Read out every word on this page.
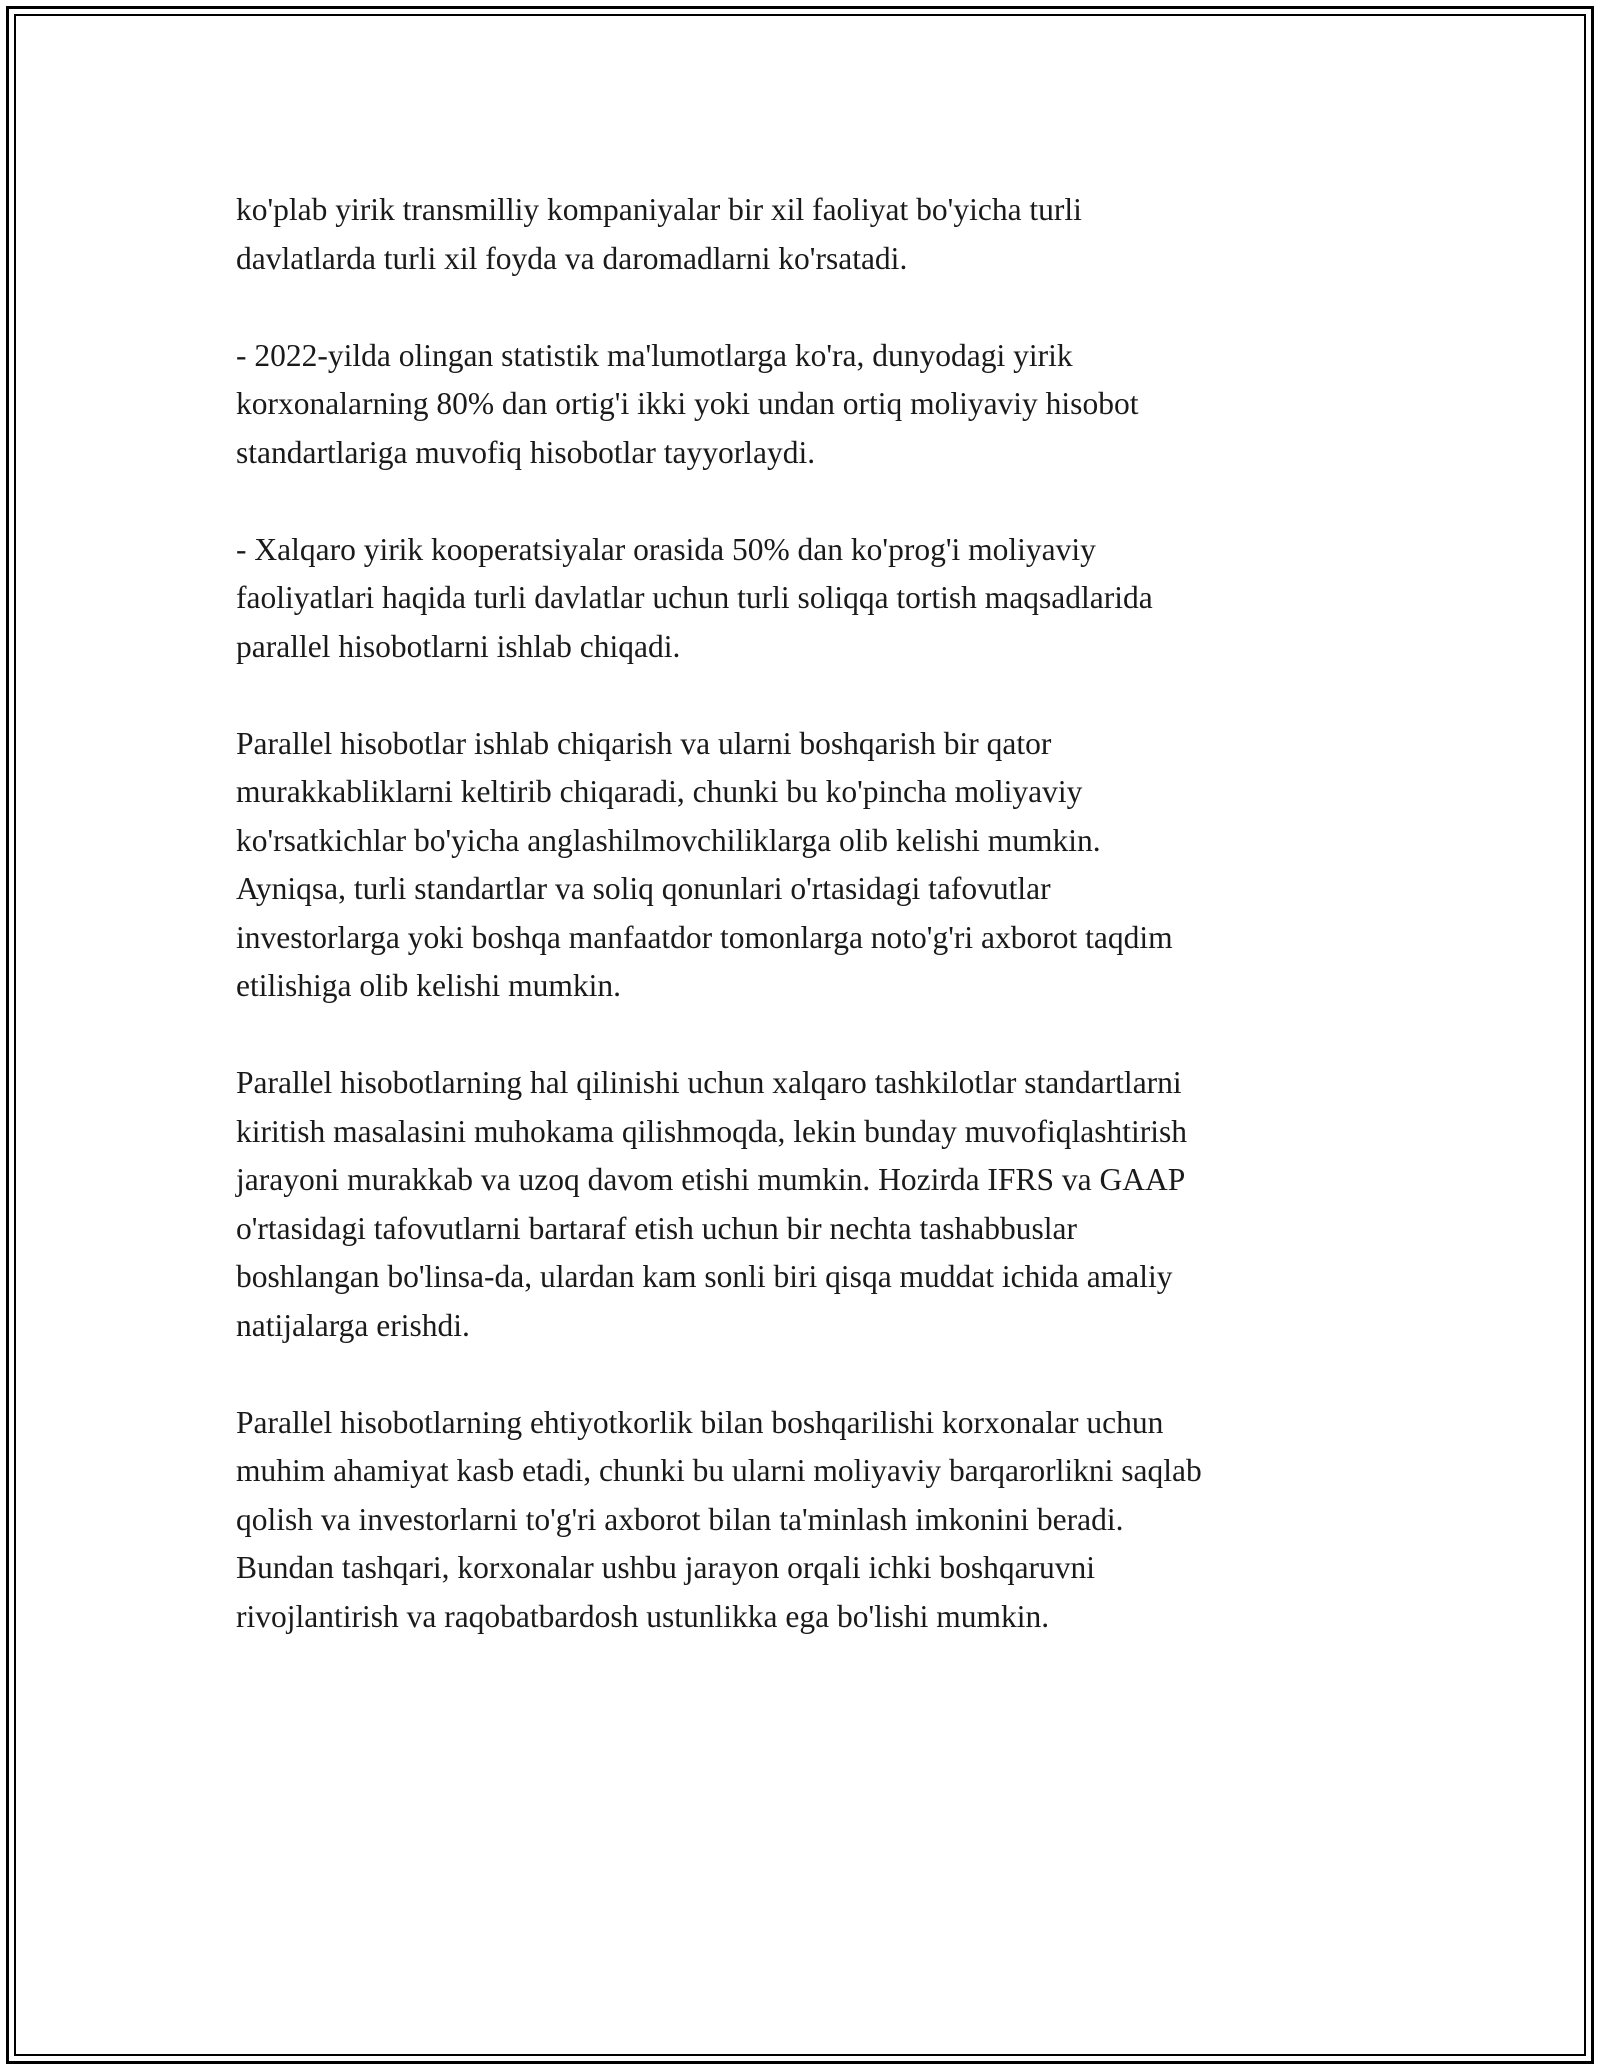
ko'plab yirik transmilliy kompaniyalar bir xil faoliyat bo'yicha turli
davlatlarda turli xil foyda va daromadlarni ko'rsatadi.

- 2022-yilda olingan statistik ma'lumotlarga ko'ra, dunyodagi yirik
korxonalarning 80% dan ortig'i ikki yoki undan ortiq moliyaviy hisobot
standartlariga muvofiq hisobotlar tayyorlaydi.

- Xalqaro yirik kooperatsiyalar orasida 50% dan ko'prog'i moliyaviy
faoliyatlari haqida turli davlatlar uchun turli soliqqa tortish maqsadlarida
parallel hisobotlarni ishlab chiqadi.

Parallel hisobotlar ishlab chiqarish va ularni boshqarish bir qator
murakkabliklarni keltirib chiqaradi, chunki bu ko'pincha moliyaviy
ko'rsatkichlar bo'yicha anglashilmovchiliklarga olib kelishi mumkin.
Ayniqsa, turli standartlar va soliq qonunlari o'rtasidagi tafovutlar
investorlarga yoki boshqa manfaatdor tomonlarga noto'g'ri axborot taqdim
etilishiga olib kelishi mumkin.

Parallel hisobotlarning hal qilinishi uchun xalqaro tashkilotlar standartlarni
kiritish masalasini muhokama qilishmoqda, lekin bunday muvofiqlashtirish
jarayoni murakkab va uzoq davom etishi mumkin. Hozirda IFRS va GAAP
o'rtasidagi tafovutlarni bartaraf etish uchun bir nechta tashabbuslar
boshlangan bo'linsa-da, ulardan kam sonli biri qisqa muddat ichida amaliy
natijalarga erishdi.

Parallel hisobotlarning ehtiyotkorlik bilan boshqarilishi korxonalar uchun
muhim ahamiyat kasb etadi, chunki bu ularni moliyaviy barqarorlikni saqlab
qolish va investorlarni to'g'ri axborot bilan ta'minlash imkonini beradi.
Bundan tashqari, korxonalar ushbu jarayon orqali ichki boshqaruvni
rivojlantirish va raqobatbardosh ustunlikka ega bo'lishi mumkin.
